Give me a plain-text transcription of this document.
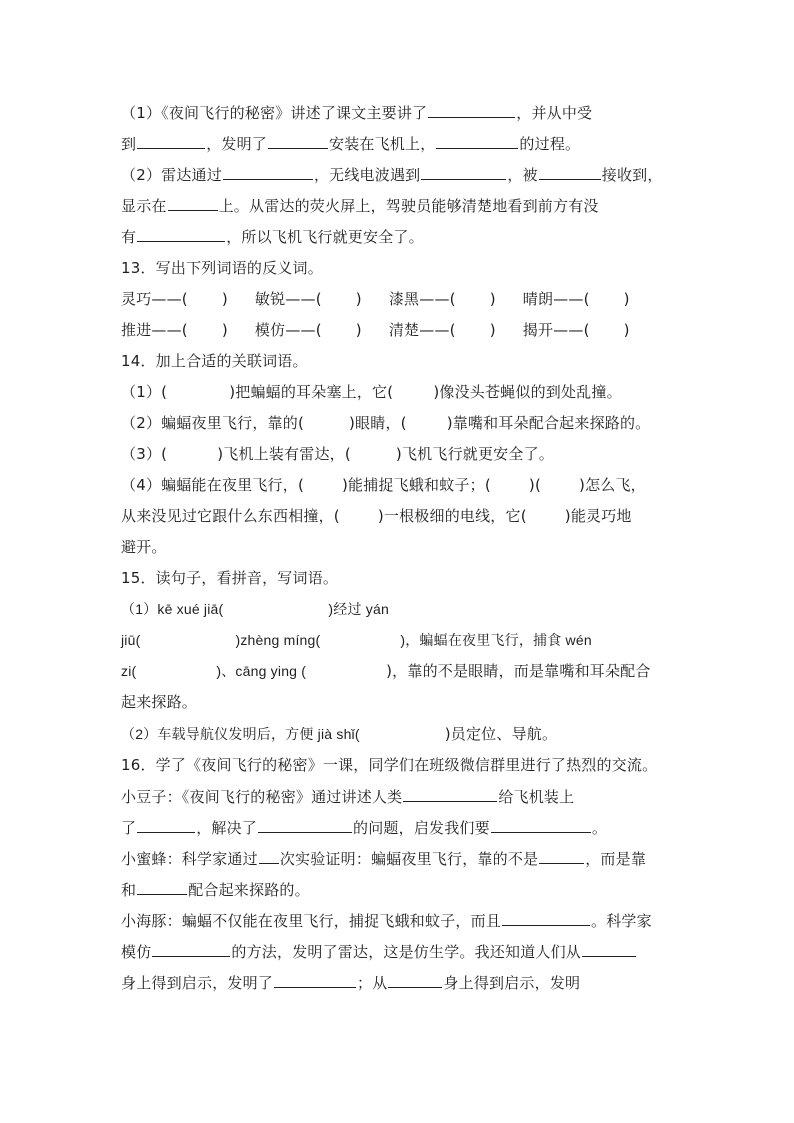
（1）《夜间飞行的秘密》讲述了课文主要讲了	，并从中受
到	，发明了	安装在飞机上，	的过程。
（2）雷达通过	，无线电波遇到	，被	接收到，
显示在	上。从雷达的荧火屏上，驾驶员能够清楚地看到前方有没
有	，所以飞机飞行就更安全了。
13．写出下列词语的反义词。
灵巧——( ) 敏锐——( ) 漆黑——( ) 晴朗——( )
推进——( ) 模仿——( ) 清楚——( ) 揭开——( )
14．加上合适的关联词语。
（1）(	)把蝙蝠的耳朵塞上，它(	)像没头苍蝇似的到处乱撞。
（2）蝙蝠夜里飞行，靠的(	)眼睛，(	)靠嘴和耳朵配合起来探路的。
（3）(	)飞机上装有雷达，(	)飞机飞行就更安全了。
（4）蝙蝠能在夜里飞行，(	)能捕捉飞蛾和蚊子；(	)(	)怎么飞，
从来没见过它跟什么东西相撞，(	)一根极细的电线，它(	)能灵巧地
避开。
15．读句子，看拼音，写词语。
（1）kē xué jiā(	)经过 yán
jiū(	)zhèng míng(	)，蝙蝠在夜里飞行，捕食 wén
zi(	)、cāng ying (	)，靠的不是眼睛，而是靠嘴和耳朵配合
起来探路。
（2）车载导航仪发明后，方便 jià shǐ(	)员定位、导航。
16．学了《夜间飞行的秘密》一课，同学们在班级微信群里进行了热烈的交流。
小豆子：《夜间飞行的秘密》通过讲述人类	给飞机装上
了	，解决了	的问题，启发我们要	。
小蜜蜂：科学家通过 次实验证明：蝙蝠夜里飞行，靠的不是	，而是靠
和	配合起来探路的。
小海豚：蝙蝠不仅能在夜里飞行，捕捉飞蛾和蚊子，而且	。科学家
模仿	的方法，发明了雷达，这是仿生学。我还知道人们从
身上得到启示，发明了	；从	身上得到启示，发明
